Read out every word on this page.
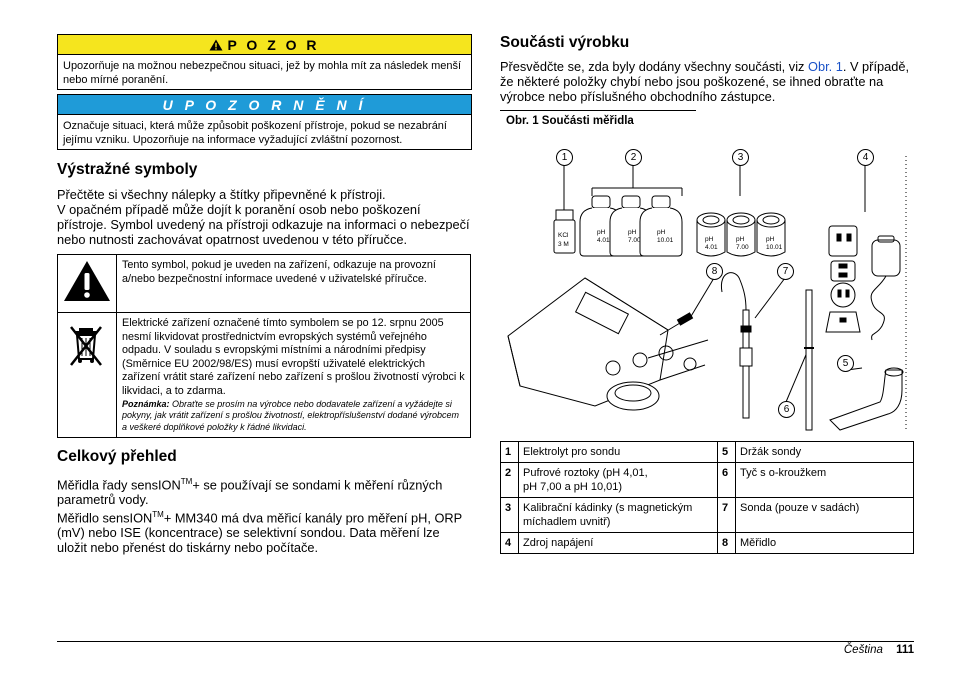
P O Z O R
Upozorňuje na možnou nebezpečnou situaci, jež by mohla mít za následek menší nebo mírné poranění.
U P O Z O R N Ě N Í
Označuje situaci, která může způsobit poškození přístroje, pokud se nezabrání jejímu vzniku. Upozorňuje na informace vyžadující zvláštní pozornost.
Výstražné symboly
Přečtěte si všechny nálepky a štítky připevněné k přístroji.
V opačném případě může dojít k poranění osob nebo poškození přístroje. Symbol uvedený na přístroji odkazuje na informaci o nebezpečí nebo nutnosti zachovávat opatrnost uvedenou v této příručce.
	Tento symbol, pokud je uveden na zařízení, odkazuje na provozní a/nebo bezpečnostní informace uvedené v uživatelské příručce.

Elektrické zařízení označené tímto symbolem se po 12. srpnu 2005 nesmí likvidovat prostřednictvím evropských systémů veřejného odpadu. V souladu s evropskými místními a národními předpisy (Směrnice EU 2002/98/ES) musí evropští uživatelé elektrických zařízení vrátit staré zařízení nebo zařízení s prošlou životností výrobci k likvidaci, a to zdarma.
Poznámka: Obraťte se prosím na výrobce nebo dodavatele zařízení a vyžádejte si pokyny, jak vrátit zařízení s prošlou životností, elektropříslušenství dodané výrobcem a veškeré doplňkové položky k řádné likvidaci.
Celkový přehled
Měřidla řady sensION™+ se používají se sondami k měření různých parametrů vody.
Měřidlo sensION™+ MM340 má dva měřicí kanály pro měření pH, ORP (mV) nebo ISE (koncentrace) se selektivní sondou. Data měření lze uložit nebo přenést do tiskárny nebo počítače.
Součásti výrobku
Přesvědčte se, zda byly dodány všechny součásti, viz Obr. 1. V případě, že některé položky chybí nebo jsou poškozené, se ihned obraťte na výrobce nebo příslušného obchodního zástupce.
Obr. 1 Součásti měřidla
KCl
3 M
pH
4.01
pH
7.00
pH
10.01	pH
4.01
pH
7.00
pH
10.01
1	2	3	4
8	7
5
6
1	Elektrolyt pro sondu	5	Držák sondy
2	Pufrové roztoky (pH 4,01,
pH 7,00 a pH 10,01)	6	Tyč s o-kroužkem
3	Kalibrační kádinky (s magnetickým
míchadlem uvnitř)	7	Sonda (pouze v sadách)
4	Zdroj napájení	8	Měřidlo
Čeština 111
